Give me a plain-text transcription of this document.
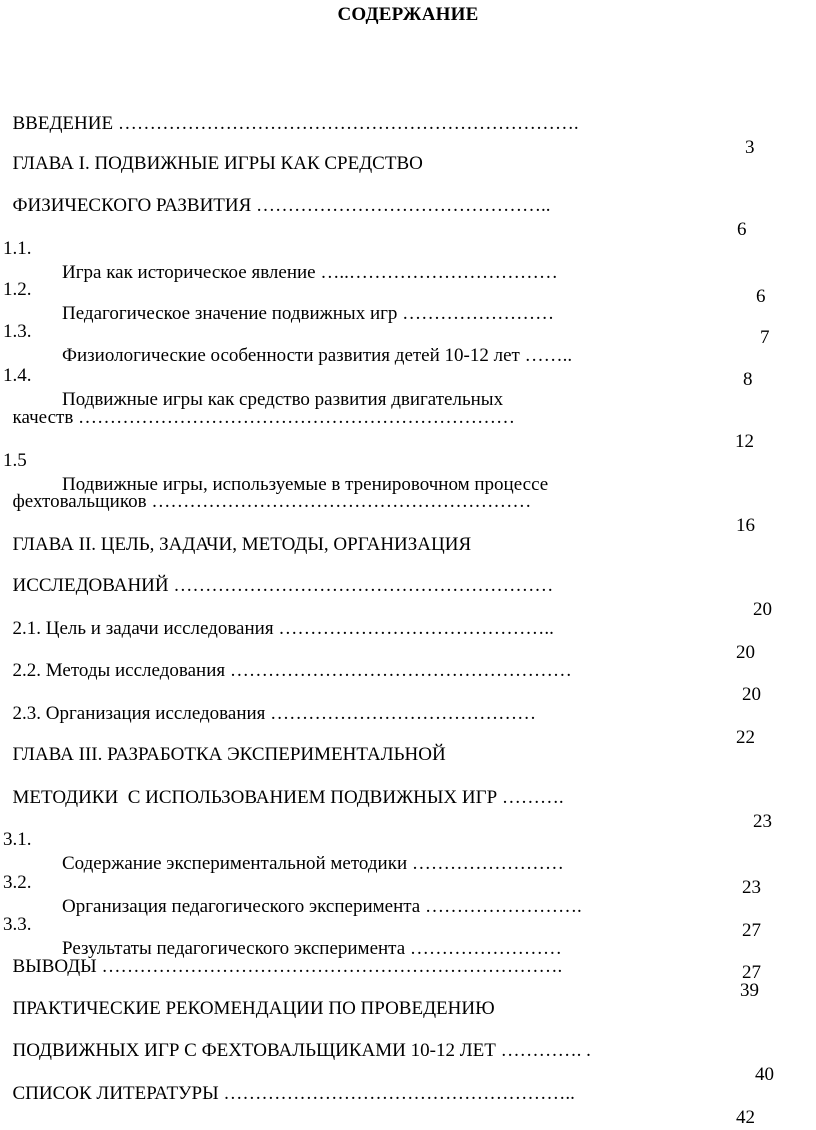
СОДЕРЖАНИЕ

ВВЕДЕНИЕ ……………………………………………………………….

3

ГЛАВА I. ПОДВИЖНЫЕ ИГРЫ КАК СРЕДСТВО

ФИЗИЧЕСКОГО РАЗВИТИЯ ………………………………………..

6

1.1.

Игра как историческое явление …..……………………………

6

1.2.

Педагогическое значение подвижных игр ……………………

7

1.3.

Физиологические особенности развития детей 10-12 лет ……..

8

1.4.

Подвижные игры как средство развития двигательных

качеств ……………………………………………………………

12

1.5

Подвижные игры, используемые в тренировочном процессе

фехтовальщиков ……………………………………………………

16

ГЛАВА II. ЦЕЛЬ, ЗАДАЧИ, МЕТОДЫ, ОРГАНИЗАЦИЯ

ИССЛЕДОВАНИЙ ……………………………………………………

20

2.1. Цель и задачи исследования ……………………………………..

20

2.2. Методы исследования ………………………………………………

20

2.3. Организация исследования ……………………………………

22

ГЛАВА III. РАЗРАБОТКА ЭКСПЕРИМЕНТАЛЬНОЙ

МЕТОДИКИ  С ИСПОЛЬЗОВАНИЕМ ПОДВИЖНЫХ ИГР ……….

23

3.1.

Содержание экспериментальной методики ……………………

23

3.2.

Организация педагогического эксперимента …………………….

27

3.3.

Результаты педагогического эксперимента ……………………

27

ВЫВОДЫ ……………………………………………………………….

39

ПРАКТИЧЕСКИЕ РЕКОМЕНДАЦИИ ПО ПРОВЕДЕНИЮ

ПОДВИЖНЫХ ИГР С ФЕХТОВАЛЬЩИКАМИ 10-12 ЛЕТ …………. .

40

СПИСОК ЛИТЕРАТУРЫ ………………………………………………..

42
